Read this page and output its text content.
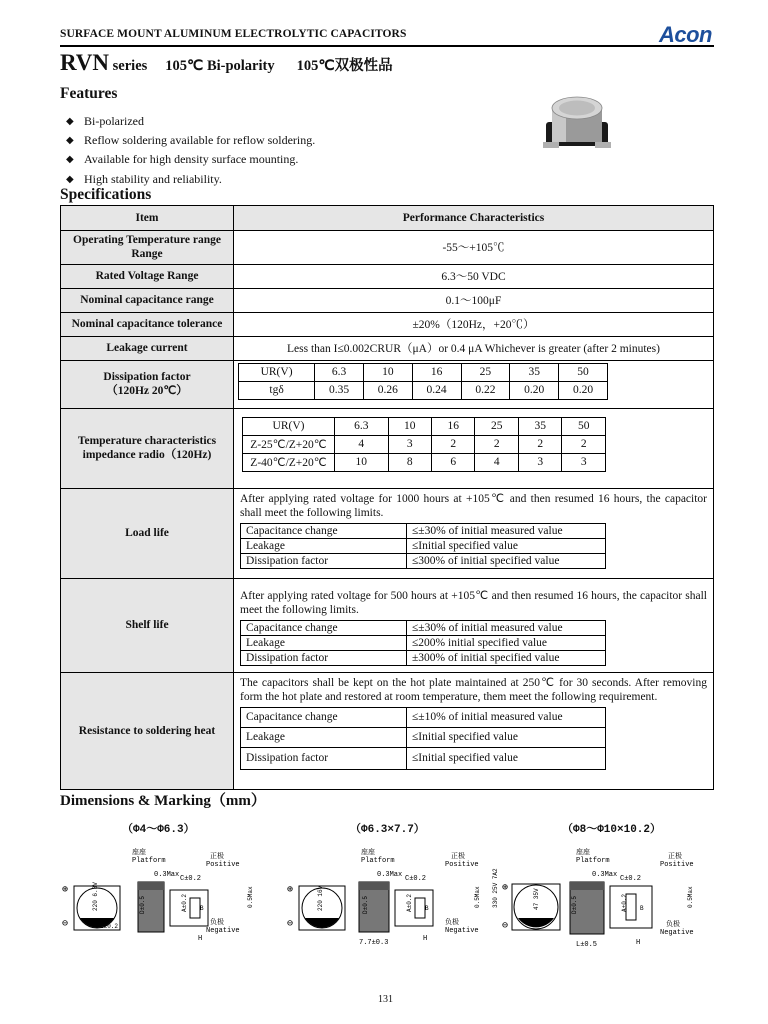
SURFACE MOUNT ALUMINUM ELECTROLYTIC CAPACITORS	Acon
RVN series 105℃ Bi-polarity 105℃双极性品
Features
◆ Bi-polarized
◆ Reflow soldering available for reflow soldering.
◆ Available for high density surface mounting.
◆ High stability and reliability.
Specifications
Item	Performance Characteristics
Operating Temperature range Range	-55～+105℃
Rated Voltage Range	6.3～50 VDC
Nominal capacitance range	0.1～100μF
Nominal capacitance tolerance	±20%（120Hz，+20℃）
Leakage current	Less than I≤0.002CRUR（μA）or 0.4 μA Whichever is greater (after 2 minutes)

Dissipation factor
（120Hz 20℃）

UR(V)	6.3	10	16	25	35	50
tgδ	0.35	0.26	0.24	0.22	0.20	0.20

Temperature characteristics impedance radio（120Hz)	
UR(V)	6.3	10	16	25	35	50
Z-25℃/Z+20℃	4	3	2	2	2	2
Z-40℃/Z+20℃	10	8	6	4	3	3

Load life	
After applying rated voltage for 1000 hours at +105℃ and then resumed 16 hours, the capacitor shall meet the following limits.
Capacitance change	≤±30% of initial measured value
Leakage	≤Initial specified value
Dissipation factor	≤300% of initial specified value

Shelf life	
After applying rated voltage for 500 hours at +105℃ and then resumed 16 hours, the capacitor shall meet the following limits.
Capacitance change	≤±30% of initial measured value
Leakage	≤200% initial specified value
Dissipation factor	±300% of initial specified value

Resistance to soldering heat	
The capacitors shall be kept on the hot plate maintained at 250℃ for 30 seconds. After removing form the hot plate and restored at room temperature, them meet the following requirement.
Capacitance change	≤±10% of initial measured value
Leakage	≤Initial specified value
Dissipation factor	≤Initial specified value
Dimensions & Marking（mm）
（Φ4～Φ6.3）	（Φ6.3×7.7）	（Φ8～Φ10×10.2）
⊕
⊖
220 6.3V
L±0.2
座座
Platform
0.3Max
D±0.5	A±0.2 B
C±0.2
正极
Positive
负极
Negative
0.5Max
H
⊕
⊖
220 16V
座座
Platform
0.3Max
D±0.5
7.7±0.3
A±0.2 B
C±0.2
正极
Positive
负极
Negative
0.5Max 330 25V 7A2
H
⊕
⊖
47 35V
座座
Platform
0.3Max
D±0.5
L±0.5
A±0.2 B
C±0.2
正极
Positive
负极
Negative
0.5Max
H
131
